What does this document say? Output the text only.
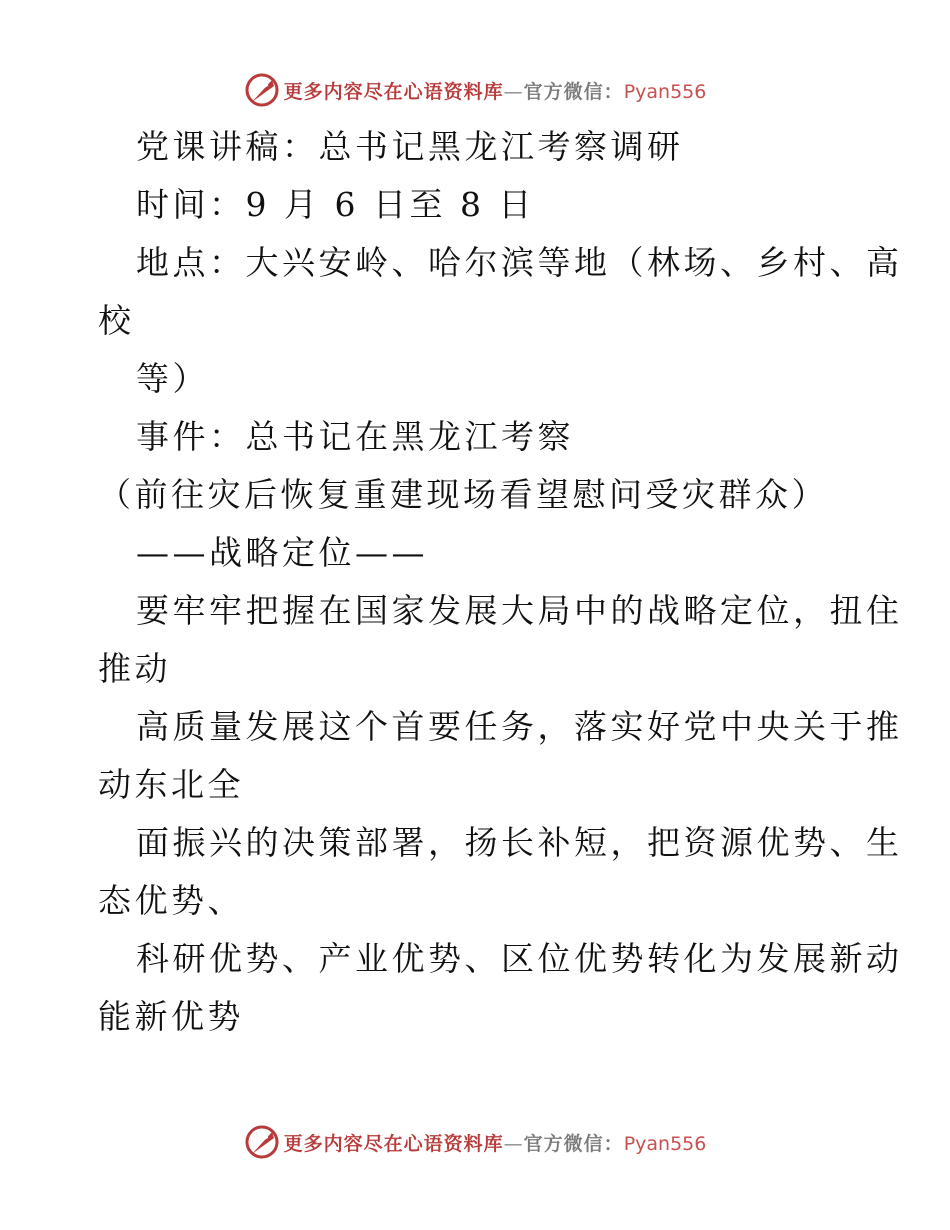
更多内容尽在心语资料库—官方微信：Pyan556
党课讲稿：总书记黑龙江考察调研
时间：9 月 6 日至 8 日
地点：大兴安岭、哈尔滨等地（林场、乡村、高
校
等）
事件：总书记在黑龙江考察
（前往灾后恢复重建现场看望慰问受灾群众）
——战略定位——
要牢牢把握在国家发展大局中的战略定位，扭住
推动
高质量发展这个首要任务，落实好党中央关于推
动东北全
面振兴的决策部署，扬长补短，把资源优势、生
态优势、
科研优势、产业优势、区位优势转化为发展新动
能新优势
更多内容尽在心语资料库—官方微信：Pyan556
